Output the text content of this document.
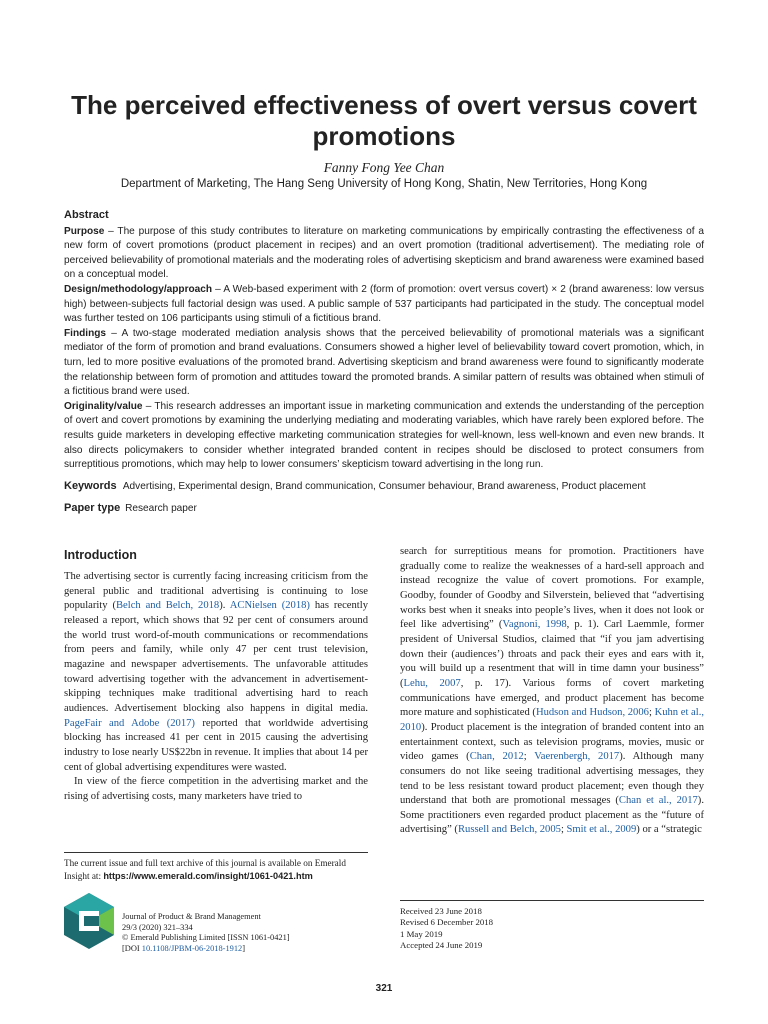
The perceived effectiveness of overt versus covert promotions
Fanny Fong Yee Chan
Department of Marketing, The Hang Seng University of Hong Kong, Shatin, New Territories, Hong Kong
Abstract

Purpose – The purpose of this study contributes to literature on marketing communications by empirically contrasting the effectiveness of a new form of covert promotions (product placement in recipes) and an overt promotion (traditional advertisement). The mediating role of perceived believability of promotional materials and the moderating roles of advertising skepticism and brand awareness were examined based on a conceptual model.

Design/methodology/approach – A Web-based experiment with 2 (form of promotion: overt versus covert) × 2 (brand awareness: low versus high) between-subjects full factorial design was used. A public sample of 537 participants had participated in the study. The conceptual model was further tested on 106 participants using stimuli of a fictitious brand.

Findings – A two-stage moderated mediation analysis shows that the perceived believability of promotional materials was a significant mediator of the form of promotion and brand evaluations. Consumers showed a higher level of believability toward covert promotion, which, in turn, led to more positive evaluations of the promoted brand. Advertising skepticism and brand awareness were found to significantly moderate the relationship between form of promotion and attitudes toward the promoted brands. A similar pattern of results was obtained when stimuli of a fictitious brand were used.

Originality/value – This research addresses an important issue in marketing communication and extends the understanding of the perception of overt and covert promotions by examining the underlying mediating and moderating variables, which have rarely been explored before. The results guide marketers in developing effective marketing communication strategies for well-known, less well-known and even new brands. It also directs policymakers to consider whether integrated branded content in recipes should be disclosed to protect consumers from surreptitious promotions, which may help to lower consumers’ skepticism toward advertising in the long run.

Keywords Advertising, Experimental design, Brand communication, Consumer behaviour, Brand awareness, Product placement
Paper type Research paper
Introduction

The advertising sector is currently facing increasing criticism from the general public and traditional advertising is continuing to lose popularity (Belch and Belch, 2018). ACNielsen (2018) has recently released a report, which shows that 92 per cent of consumers around the world trust word-of-mouth communications or recommendations from peers and family, while only 47 per cent trust television, magazine and newspaper advertisements. The unfavorable attitudes toward advertising together with the advancement in advertisement-skipping techniques make traditional advertising hard to reach audiences. Advertisement blocking also happens in digital media. PageFair and Adobe (2017) reported that worldwide advertising blocking has increased 41 per cent in 2015 causing the advertising industry to lose nearly US$22bn in revenue. It implies that about 14 per cent of global advertising expenditures were wasted.

In view of the fierce competition in the advertising market and the rising of advertising costs, many marketers have tried to

search for surreptitious means for promotion. Practitioners have gradually come to realize the weaknesses of a hard-sell approach and instead recognize the value of covert promotions. For example, Goodby, founder of Goodby and Silverstein, believed that “advertising works best when it sneaks into people’s lives, when it does not look or feel like advertising” (Vagnoni, 1998, p. 1). Carl Laemmle, former president of Universal Studios, claimed that “if you jam advertising down their (audiences’) throats and pack their eyes and ears with it, you will build up a resentment that will in time damn your business” (Lehu, 2007, p. 17). Various forms of covert marketing communications have emerged, and product placement has become more mature and sophisticated (Hudson and Hudson, 2006; Kuhn et al., 2010). Product placement is the integration of branded content into an entertainment context, such as television programs, movies, music or video games (Chan, 2012; Vaerenbergh, 2017). Although many consumers do not like seeing traditional advertising messages, they tend to be less resistant toward product placement; even though they understand that both are promotional messages (Chan et al., 2017). Some practitioners even regarded product placement as the “future of advertising” (Russell and Belch, 2005; Smit et al., 2009) or a “strategic

The current issue and full text archive of this journal is available on Emerald Insight at: https://www.emerald.com/insight/1061-0421.htm
Journal of Product & Brand Management
29/3 (2020) 321–334
© Emerald Publishing Limited [ISSN 1061-0421]
[DOI 10.1108/JPBM-06-2018-1912]
Received 23 June 2018
Revised 6 December 2018
1 May 2019
Accepted 24 June 2019
321
